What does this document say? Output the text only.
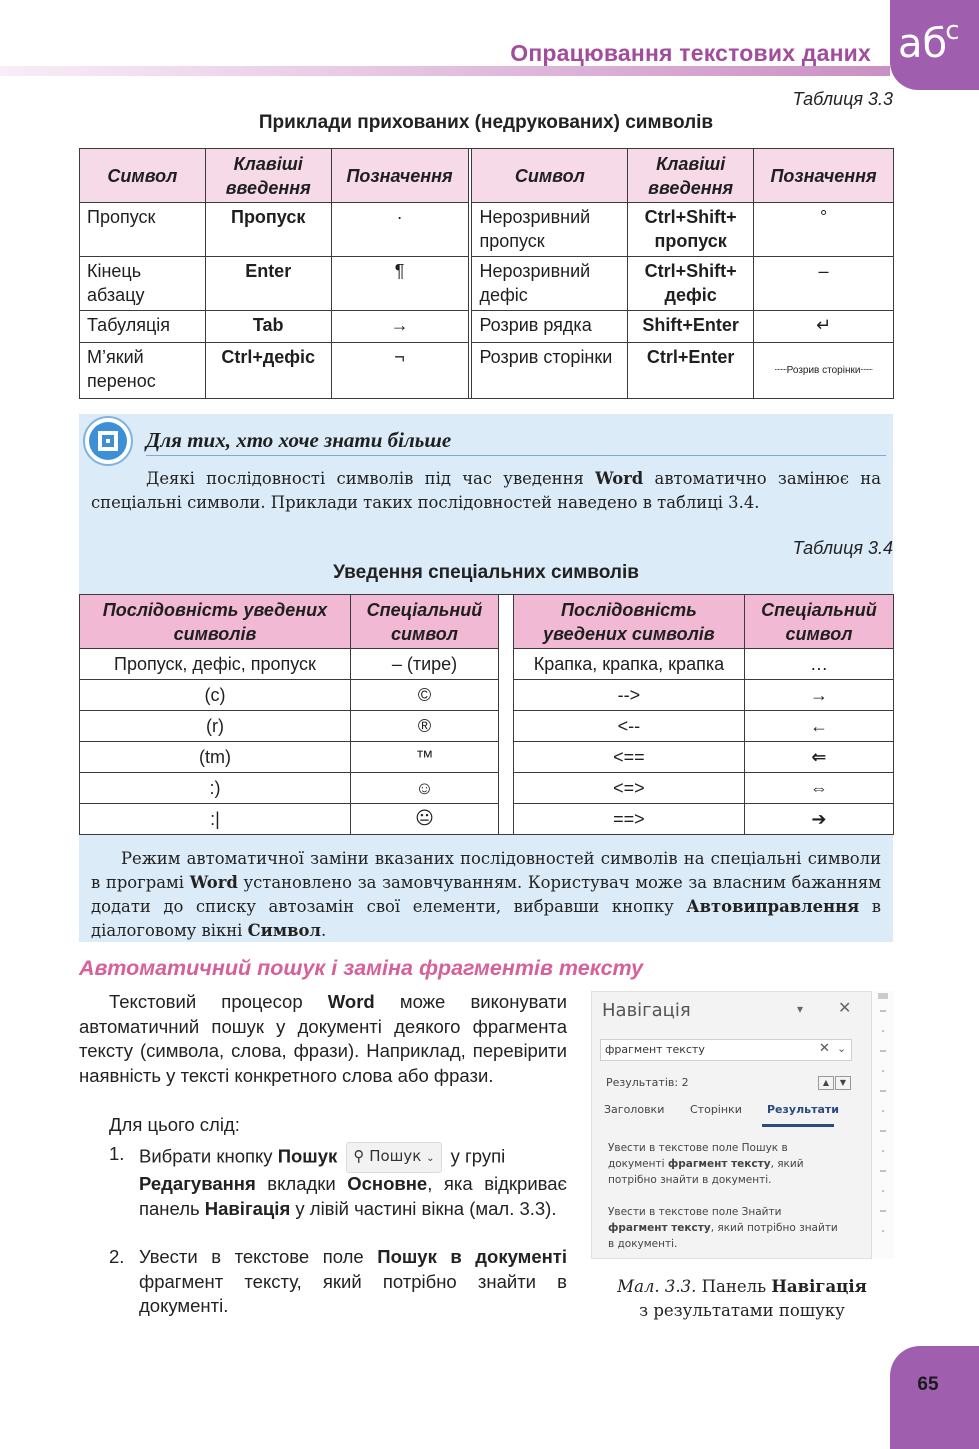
Опрацювання текстових даних $аб^с$
Таблиця 3.3
Приклади прихованих (недрукованих) символів
Символ	Клавіші введення	Позначення		Символ	Клавіші введення	Позначення
Пропуск	Пропуск	·		Нерозривний пропуск	Ctrl+Shift+ пропуск	°
Кінець абзацу	Enter	¶		Нерозривний дефіс	Ctrl+Shift+ дефіс	–
Табуляція	Tab	→		Розрив рядка	Shift+Enter	↵
М’який перенос	Ctrl+дефіс	¬		Розрив сторінки	Ctrl+Enter	┈┈Розрив сторінки┈┈
Для тих, хто хоче знати більше
Деякі послідовності символів під час уведення Word автоматично замінює на спеціальні символи. Приклади таких послідовностей наведено в таблиці 3.4.
Таблиця 3.4
Уведення спеціальних символів
Послідовність уведених символів	Спеціальний символ		Послідовність уведених символів	Спеціальний символ
Пропуск, дефіс, пропуск	– (тире)		Крапка, крапка, крапка	…
(c)	©		-->	→
(r)	®		<--	←
(tm)	™		<==	⇐
:)	☺		<=>	⇔
:|	😐		==>	➔
Режим автоматичної заміни вказаних послідовностей символів на спеціальні символи в програмі Word установлено за замовчуванням. Користувач може за власним бажанням додати до списку автозамін свої елементи, вибравши кнопку Автовиправлення в діалоговому вікні Символ.
Автоматичний пошук і заміна фрагментів тексту
Текстовий процесор Word може виконувати автоматичний пошук у документі деякого фрагмента тексту (символа, слова, фрази). Наприклад, перевірити наявність у тексті конкретного слова або фрази.
Для цього слід:
1. Вибрати кнопку Пошук ⚲ Пошук ⌄ у групі
Редагування вкладки Основне, яка відкриває панель Навігація у лівій частині вікна (мал. 3.3).
2. Увести в текстове поле Пошук в документі фрагмент тексту, який потрібно знайти в документі.
Навігація	▾ ✕
фрагмент тексту	✕ ⌄
Результатів: 2	▲	▼
Заголовки Сторінки Результати
Увести в текстове поле Пошук в документі фрагмент тексту, який потрібно знайти в документі.
Увести в текстове поле Знайти фрагмент тексту, який потрібно знайти в документі.
Мал. 3.3. Панель Навігація
з результатами пошуку
65
